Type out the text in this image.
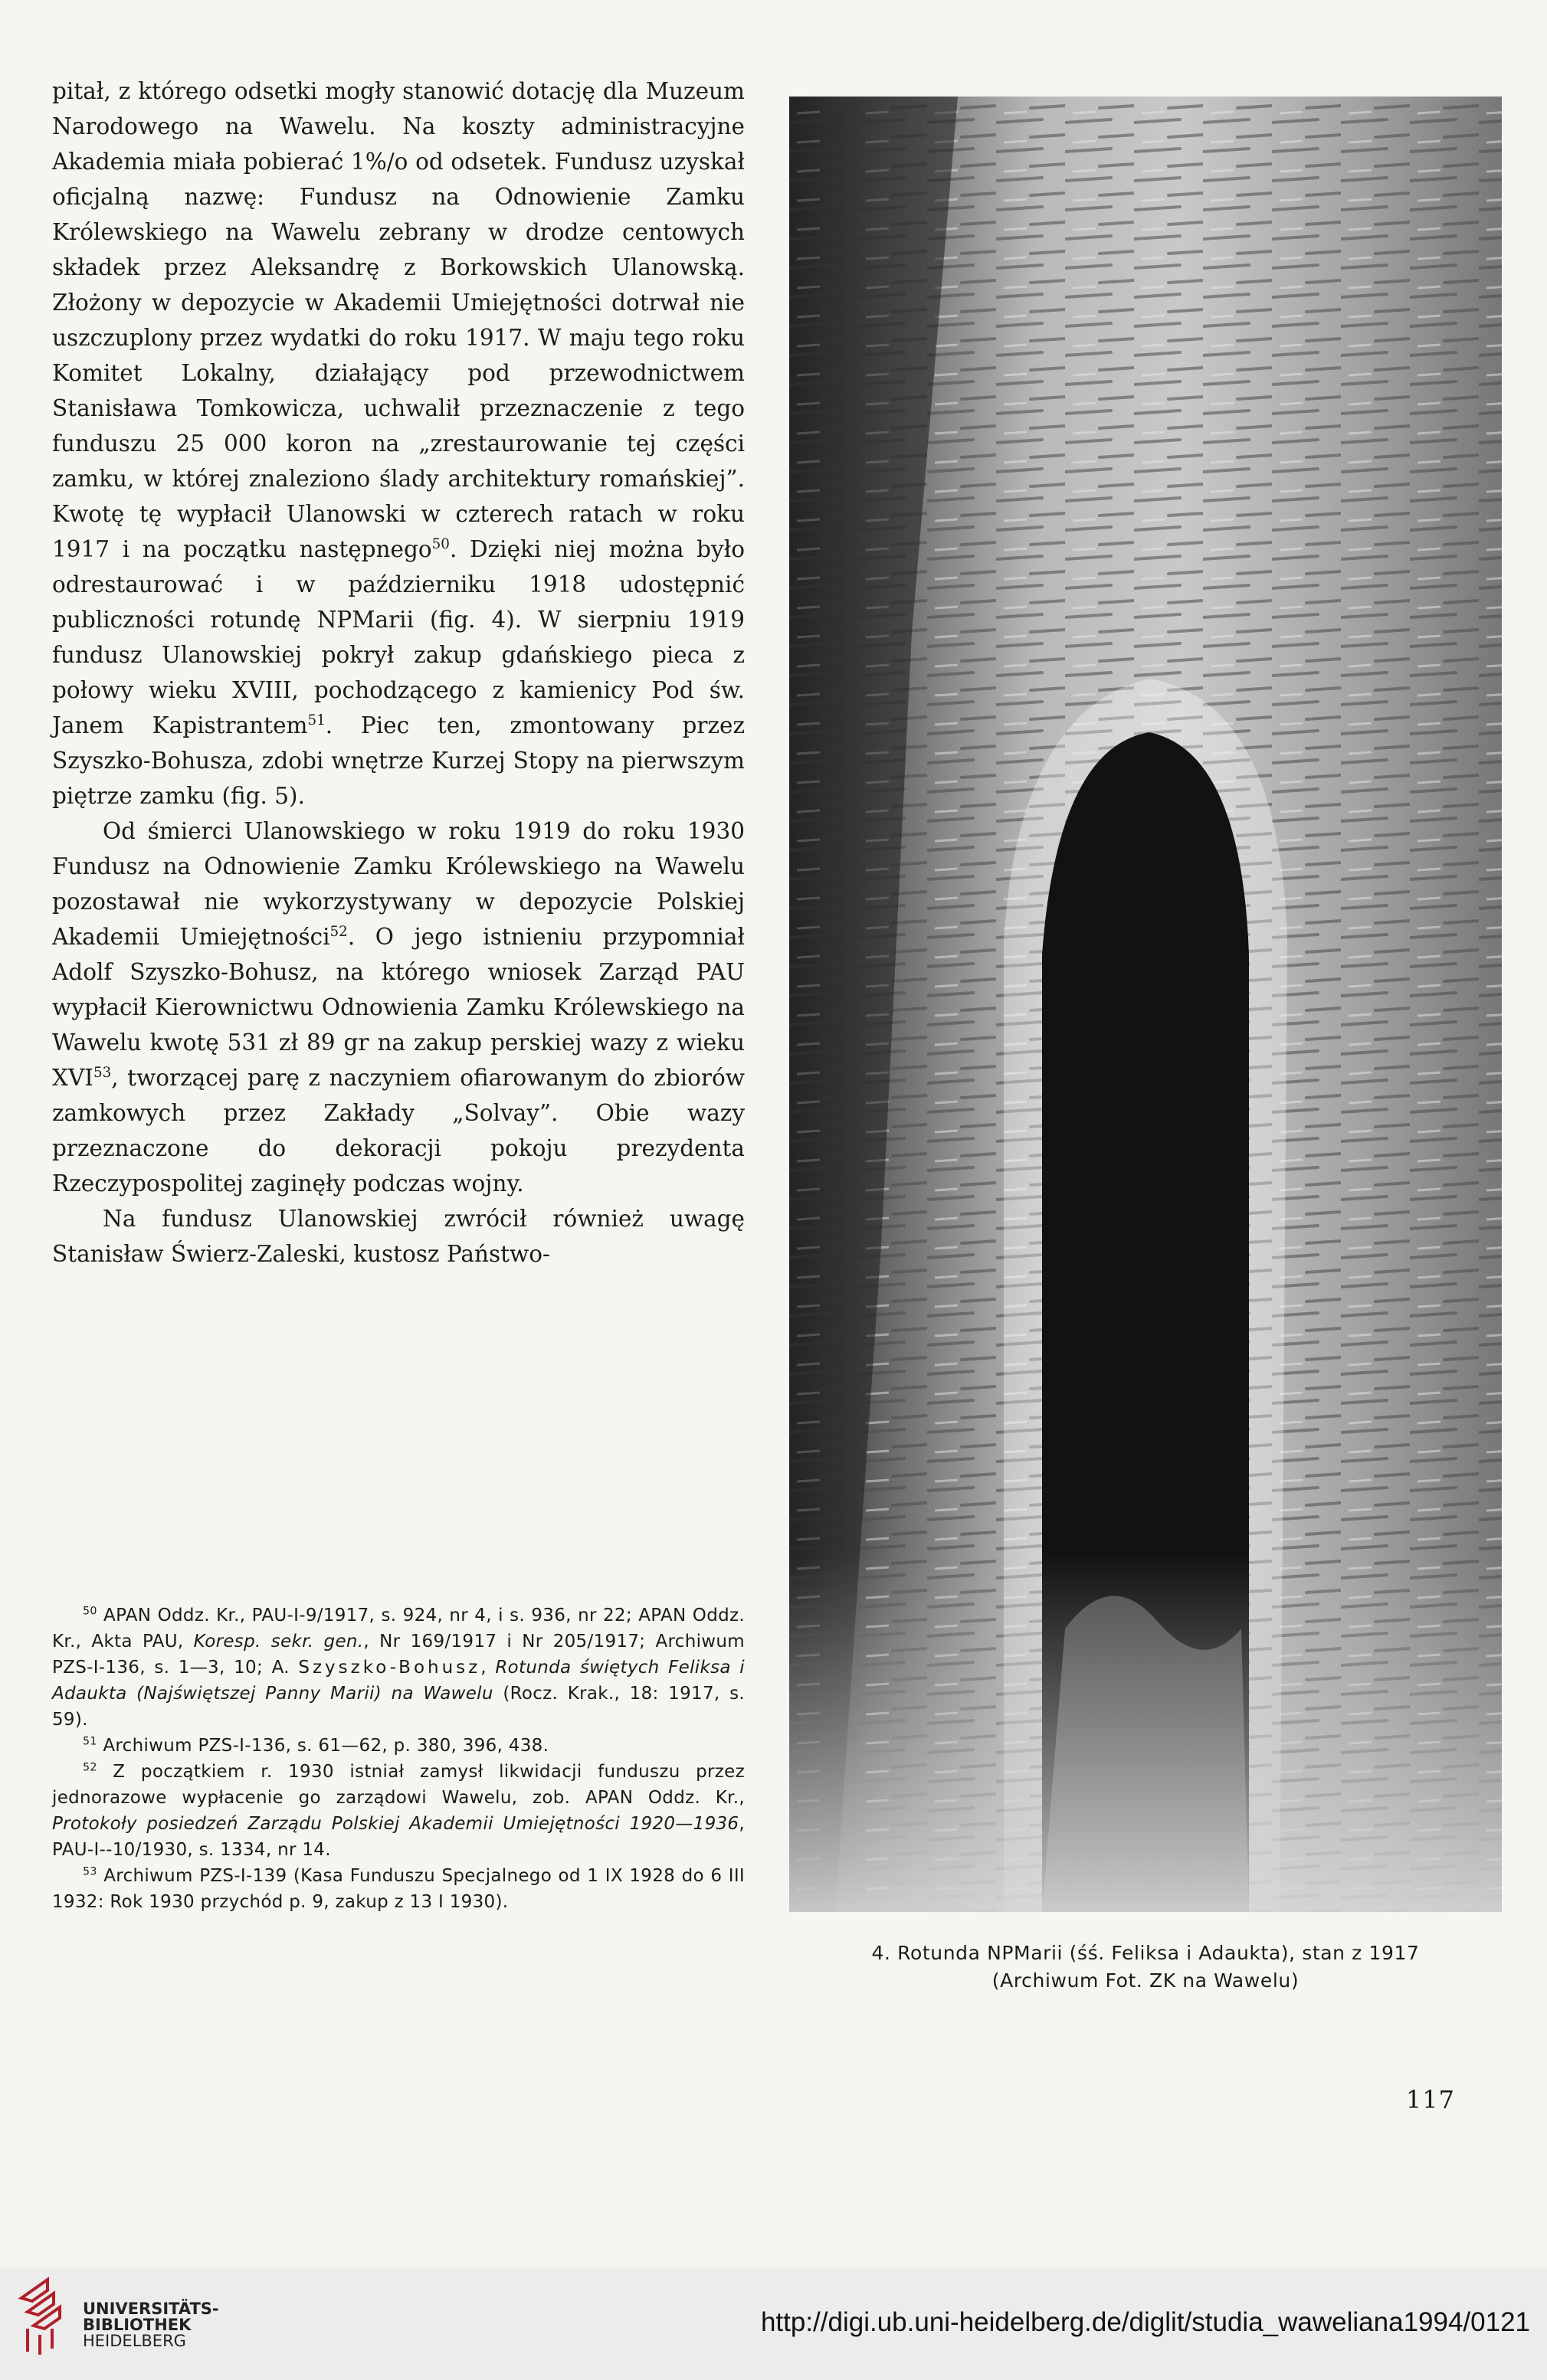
pitał, z którego odsetki mogły stanowić dotację dla Muzeum Narodowego na Wawelu. Na koszty administracyjne Akademia miała pobierać 1%/o od odsetek. Fundusz uzyskał oficjalną nazwę: Fundusz na Odnowienie Zamku Królewskiego na Wawelu zebrany w drodze centowych składek przez Aleksandrę z Borkowskich Ulanowską. Złożony w depozycie w Akademii Umiejętności dotrwał nie uszczuplony przez wydatki do roku 1917. W maju tego roku Komitet Lokalny, działający pod przewodnictwem Stanisława Tomkowicza, uchwalił przeznaczenie z tego funduszu 25 000 koron na „zrestaurowanie tej części zamku, w której znaleziono ślady architektury romańskiej”. Kwotę tę wypłacił Ulanowski w czterech ratach w roku 1917 i na początku następnego$^{50}$. Dzięki niej można było odrestaurować i w październiku 1918 udostępnić publiczności rotundę NPMarii (fig. 4). W sierpniu 1919 fundusz Ulanowskiej pokrył zakup gdańskiego pieca z połowy wieku XVIII, pochodzącego z kamienicy Pod św. Janem Kapistrantem$^{51}$. Piec ten, zmontowany przez Szyszko-Bohusza, zdobi wnętrze Kurzej Stopy na pierwszym piętrze zamku (fig. 5).

Od śmierci Ulanowskiego w roku 1919 do roku 1930 Fundusz na Odnowienie Zamku Królewskiego na Wawelu pozostawał nie wykorzystywany w depozycie Polskiej Akademii Umiejętności$^{52}$. O jego istnieniu przypomniał Adolf Szyszko-Bohusz, na którego wniosek Zarząd PAU wypłacił Kierownictwu Odnowienia Zamku Królewskiego na Wawelu kwotę 531 zł 89 gr na zakup perskiej wazy z wieku XVI$^{53}$, tworzącej parę z naczyniem ofiarowanym do zbiorów zamkowych przez Zakłady „Solvay”. Obie wazy przeznaczone do dekoracji pokoju prezydenta Rzeczypospolitej zaginęły podczas wojny.

Na fundusz Ulanowskiej zwrócił również uwagę Stanisław Świerz-Zaleski, kustosz Państwo-

$^{50}$ APAN Oddz. Kr., PAU-I-9/1917, s. 924, nr 4, i s. 936, nr 22; APAN Oddz. Kr., Akta PAU, Koresp. sekr. gen., Nr 169/1917 i Nr 205/1917; Archiwum PZS-I-136, s. 1—3, 10; A. Szyszko-Bohusz, Rotunda świętych Feliksa i Adaukta (Najświętszej Panny Marii) na Wawelu (Rocz. Krak., 18: 1917, s. 59).

$^{51}$ Archiwum PZS-I-136, s. 61—62, p. 380, 396, 438.

$^{52}$ Z początkiem r. 1930 istniał zamysł likwidacji funduszu przez jednorazowe wypłacenie go zarządowi Wawelu, zob. APAN Oddz. Kr., Protokoły posiedzeń Zarządu Polskiej Akademii Umiejętności 1920—1936, PAU-I--10/1930, s. 1334, nr 14.

$^{53}$ Archiwum PZS-I-139 (Kasa Funduszu Specjalnego od 1 IX 1928 do 6 III 1932: Rok 1930 przychód p. 9, zakup z 13 I 1930).

4. Rotunda NPMarii (śś. Feliksa i Adaukta), stan z 1917
(Archiwum Fot. ZK na Wawelu)
117
UNIVERSITÄTS-
BIBLIOTHEK
HEIDELBERG
http://digi.ub.uni-heidelberg.de/diglit/studia_waweliana1994/0121
